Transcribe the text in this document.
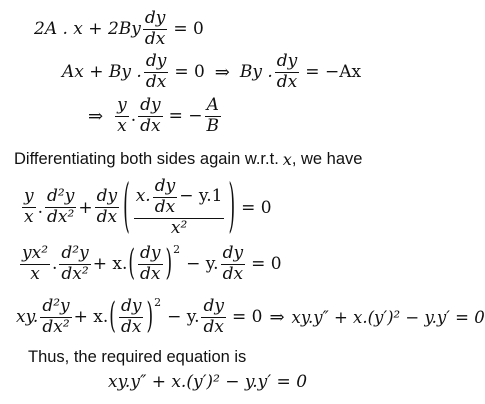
2A . $x + 2By \frac{dy}{dx} = 0$
Ax + By . $\frac{dy}{dx} = 0$ ⇒ By . $\frac{dy}{dx} = -Ax$
⇒ $\frac{y}{x}$ . $\frac{dy}{dx}$ = − $\frac{A}{B}$
Differentiating both sides again w.r.t. x , we have
$\frac{y}{x}$ . $\frac{\text{d²y}}{\text{dx²}} + \frac{dy}{dx}$ ( $\frac{x. \frac{dy}{dx} - y.1}{\text{x²}}$ ) = 0
$\frac{\text{yx²}}{x}$ . $\frac{\text{d²y}}{\text{dx²}} + x$. ( $\frac{dy}{dx} )^2$
− y. $\frac{dy}{dx} = 0$
xy. $\frac{\text{d²y}}{\text{dx²}} + x$. ( $\frac{dy}{dx} )^2$
− y. $\frac{dy}{dx} = 0$ ⇒ xy.y″ + x.(y′)² − y.y′ = 0
Thus, the required equation is
xy.y″ + x.(y′)² − y.y′ = 0
